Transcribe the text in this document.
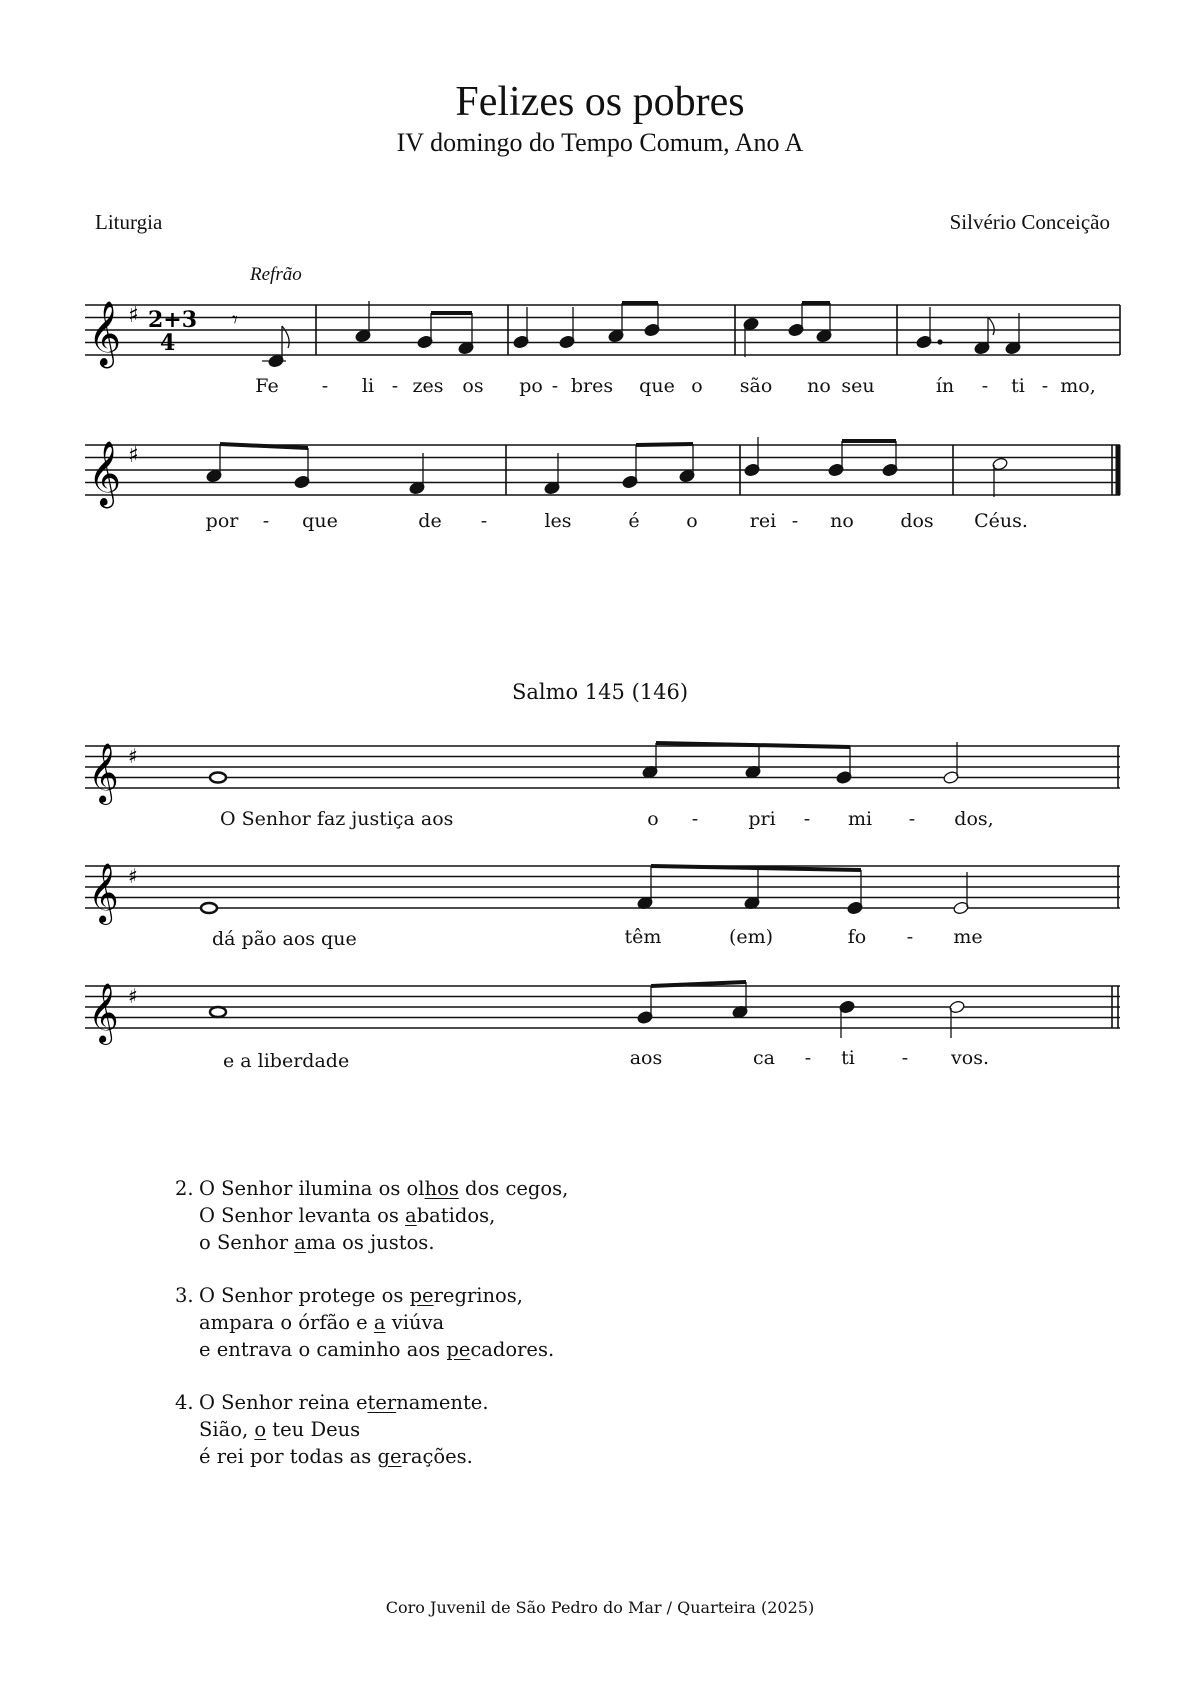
Felizes os pobres
IV domingo do Tempo Comum, Ano A
Liturgia	Silvério Conceição
Refrão
𝄞 ♯ 2+3
4
𝄾
Fe - li - zes os po - bres que o são no seu	ín - ti - mo,
𝄞 ♯
por - que	de -	les	é o	rei - no dos Céus.
Salmo 145 (146)
𝄞 ♯
O Senhor faz justiça aos	o -	pri - mi - dos,
𝄞 ♯
dá pão aos que	têm	(em)	fo - me
𝄞 ♯
e a liberdade	aos	ca - ti - vos.
2. O Senhor ilumina os olhos dos cegos,
O Senhor levanta os abatidos,
o Senhor ama os justos.
3. O Senhor protege os peregrinos,
ampara o órfão e a viúva
e entrava o caminho aos pecadores.
4. O Senhor reina eternamente.
Sião, o teu Deus
é rei por todas as gerações.
Coro Juvenil de São Pedro do Mar / Quarteira (2025)
